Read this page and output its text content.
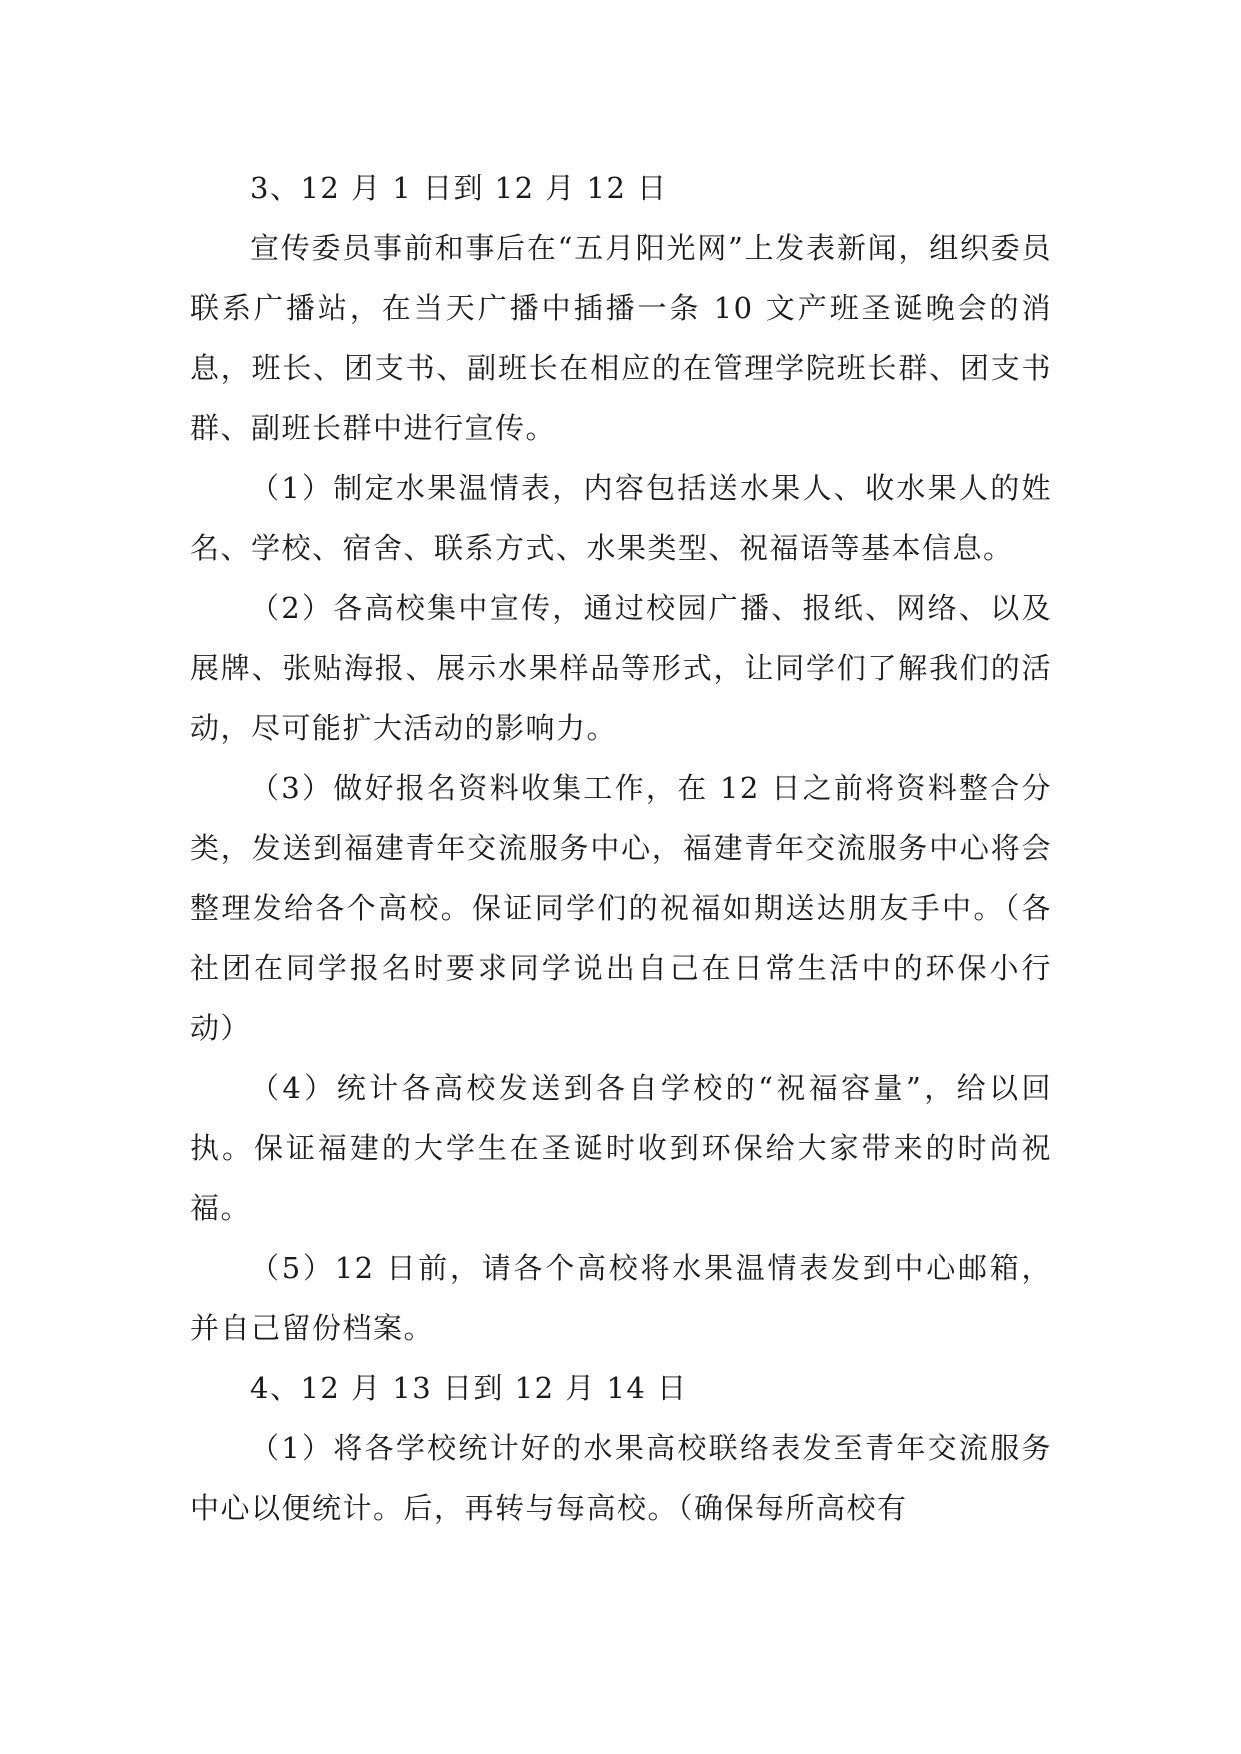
3、12 月 1 日到 12 月 12 日

宣传委员事前和事后在“五月阳光网”上发表新闻，组织委员联系广播站，在当天广播中插播一条 10 文产班圣诞晚会的消息，班长、团支书、副班长在相应的在管理学院班长群、团支书群、副班长群中进行宣传。

（1）制定水果温情表，内容包括送水果人、收水果人的姓名、学校、宿舍、联系方式、水果类型、祝福语等基本信息。

（2）各高校集中宣传，通过校园广播、报纸、网络、以及展牌、张贴海报、展示水果样品等形式，让同学们了解我们的活动，尽可能扩大活动的影响力。

（3）做好报名资料收集工作，在 12 日之前将资料整合分类，发送到福建青年交流服务中心，福建青年交流服务中心将会整理发给各个高校。保证同学们的祝福如期送达朋友手中。（各社团在同学报名时要求同学说出自己在日常生活中的环保小行动）

（4）统计各高校发送到各自学校的“祝福容量”，给以回执。保证福建的大学生在圣诞时收到环保给大家带来的时尚祝福。

（5）12 日前，请各个高校将水果温情表发到中心邮箱，并自己留份档案。

4、12 月 13 日到 12 月 14 日

（1）将各学校统计好的水果高校联络表发至青年交流服务中心以便统计。后，再转与每高校。（确保每所高校有
